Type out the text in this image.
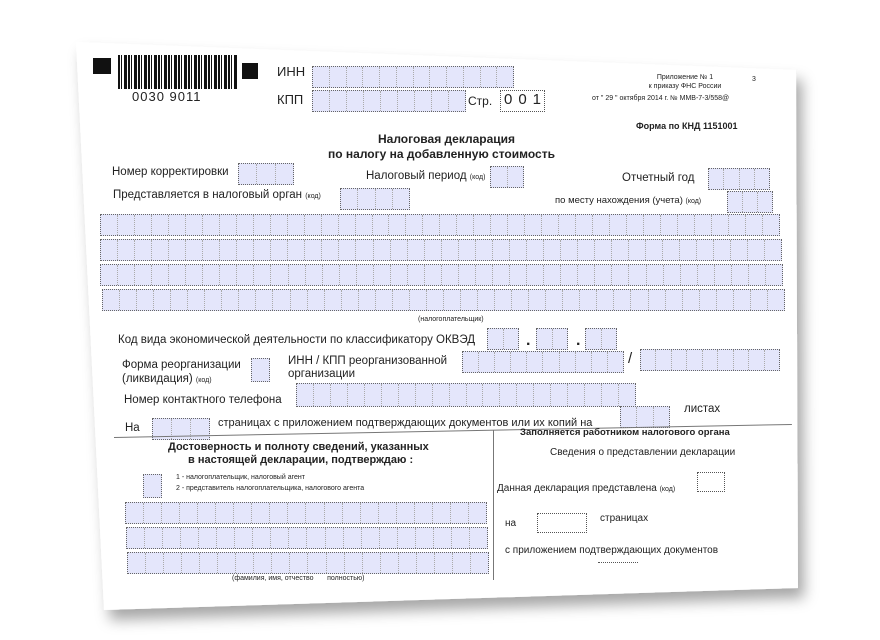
0030 9011
ИНН
КПП	Стр. 001
Приложение № 1
к приказу ФНС России
от " 29 " октября 2014 г. № ММВ-7-3/558@
3
Форма по КНД 1151001
Налоговая декларация
по налогу на добавленную стоимость
Номер корректировки	Налоговый период (код)	Отчетный год
Представляется в налоговый орган (код)	по месту нахождения (учета) (код)
(налогоплательщик)
Код вида экономической деятельности по классификатору ОКВЭД	.	.
Форма реорганизации
(ликвидация) (код)
ИНН / КПП реорганизованной
организации
/
Номер контактного телефона
На	страницах с приложением подтверждающих документов или их копий на
листах
Достоверность и полноту сведений, указанных
в настоящей декларации, подтверждаю :
1 - налогоплательщик, налоговый агент
2 - представитель налогоплательщика, налогового агента
(фамилия, имя, отчество полностью)
Заполняется работником налогового органа
Сведения о представлении декларации
Данная декларация представлена (код)
на	страницах
с приложением подтверждающих документов
